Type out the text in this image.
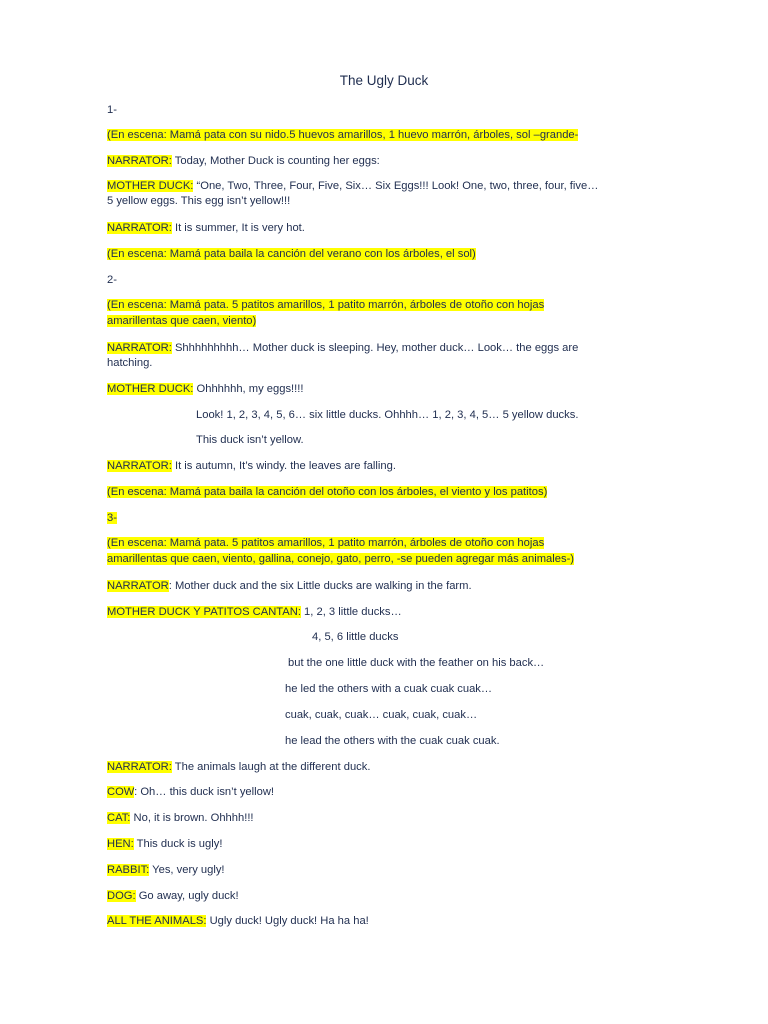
The Ugly Duck
1-
(En escena: Mamá pata con su nido.5 huevos amarillos, 1 huevo marrón, árboles, sol –grande-
NARRATOR: Today, Mother Duck is counting her eggs:
MOTHER DUCK: “One, Two, Three, Four, Five, Six… Six Eggs!!! Look! One, two, three, four, five…
5 yellow eggs. This egg isn’t yellow!!!
NARRATOR: It is summer, It is very hot.
(En escena: Mamá pata baila la canción del verano con los árboles, el sol)
2-
(En escena: Mamá pata. 5 patitos amarillos, 1 patito marrón, árboles de otoño con hojas
amarillentas que caen, viento)
NARRATOR: Shhhhhhhhh… Mother duck is sleeping. Hey, mother duck… Look… the eggs are
hatching.
MOTHER DUCK: Ohhhhhh, my eggs!!!!
Look! 1, 2, 3, 4, 5, 6… six little ducks. Ohhhh… 1, 2, 3, 4, 5… 5 yellow ducks.
This duck isn’t yellow.
NARRATOR: It is autumn, It’s windy. the leaves are falling.
(En escena: Mamá pata baila la canción del otoño con los árboles, el viento y los patitos)
3-
(En escena: Mamá pata. 5 patitos amarillos, 1 patito marrón, árboles de otoño con hojas
amarillentas que caen, viento, gallina, conejo, gato, perro, -se pueden agregar más animales-)
NARRATOR: Mother duck and the six Little ducks are walking in the farm.
MOTHER DUCK Y PATITOS CANTAN: 1, 2, 3 little ducks…
4, 5, 6 little ducks
but the one little duck with the feather on his back…
he led the others with a cuak cuak cuak…
cuak, cuak, cuak… cuak, cuak, cuak…
he lead the others with the cuak cuak cuak.
NARRATOR: The animals laugh at the different duck.
COW: Oh… this duck isn’t yellow!
CAT: No, it is brown. Ohhhh!!!
HEN: This duck is ugly!
RABBIT: Yes, very ugly!
DOG: Go away, ugly duck!
ALL THE ANIMALS: Ugly duck! Ugly duck! Ha ha ha!
